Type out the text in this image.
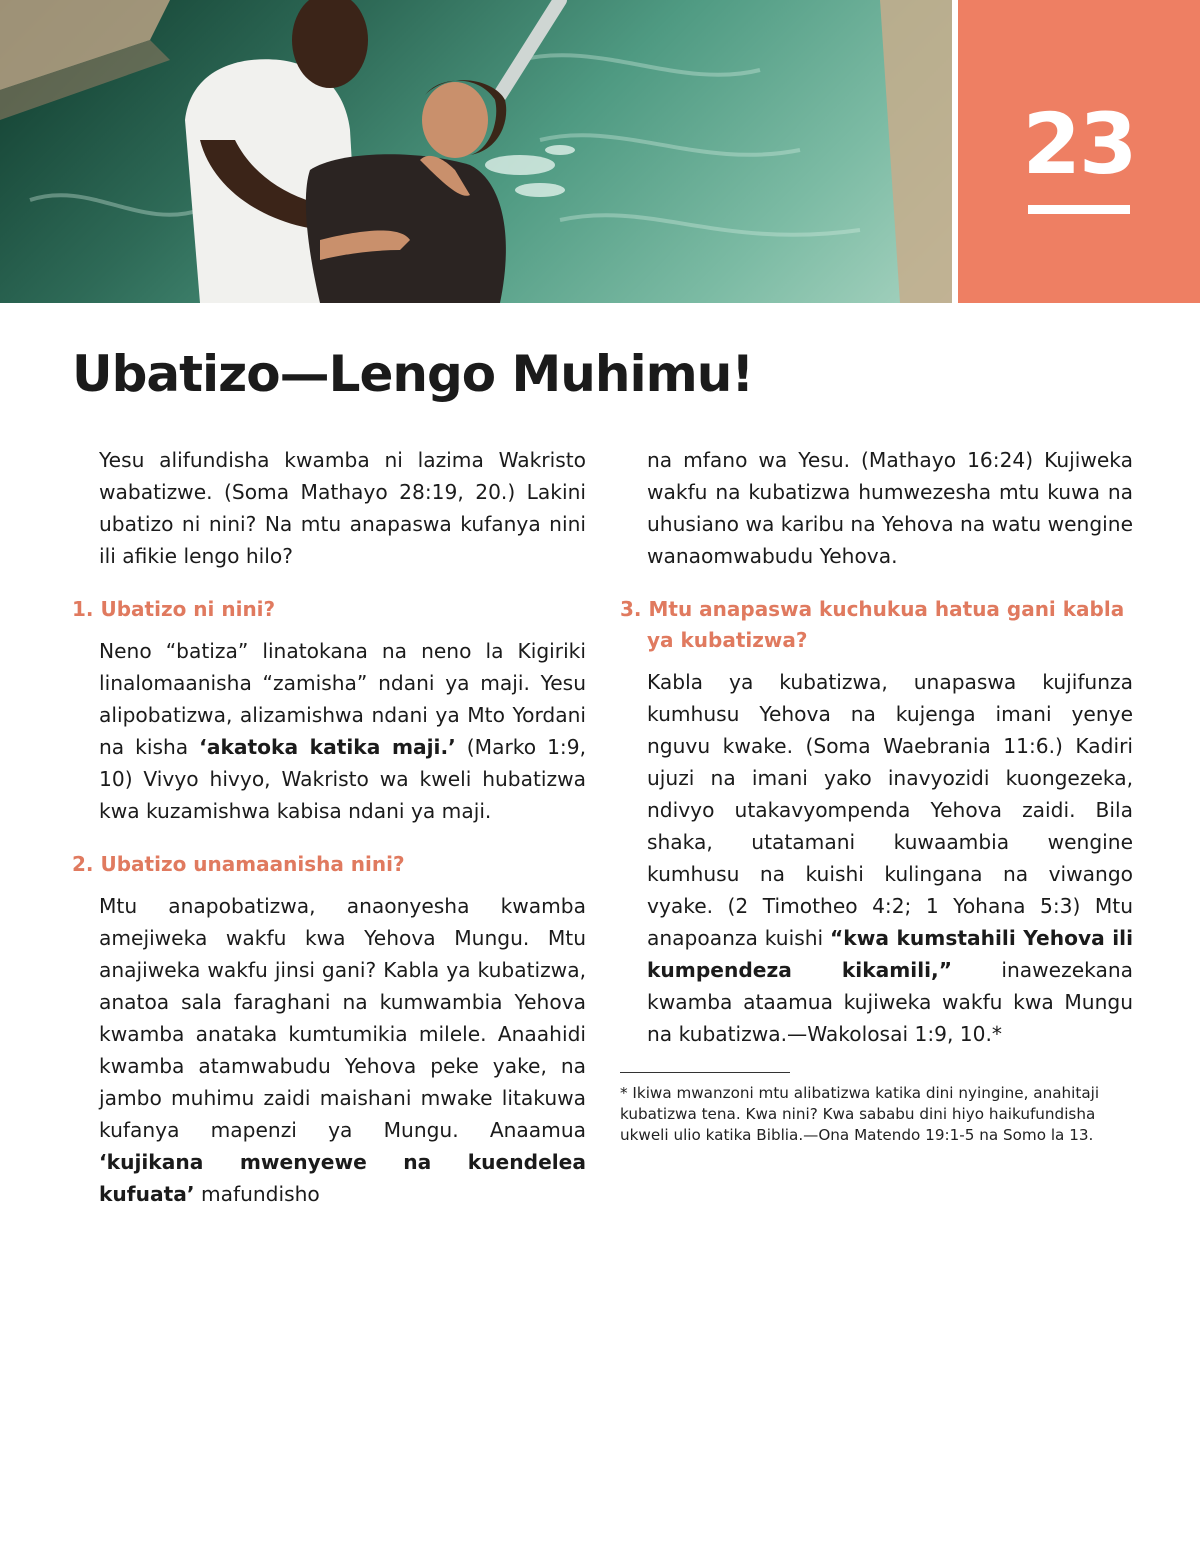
23
Ubatizo—Lengo Muhimu!

Yesu alifundisha kwamba ni lazima Wakristo wabatizwe. (Soma Mathayo 28:19, 20.) Lakini ubatizo ni nini? Na mtu anapaswa kufanya nini ili afikie lengo hilo?

1. Ubatizo ni nini?

Neno “batiza” linatokana na neno la Kigiriki linalomaanisha “zamisha” ndani ya maji. Yesu alipobatizwa, alizamishwa ndani ya Mto Yordani na kisha ‘akatoka katika maji.’ (Marko 1:9, 10) Vivyo hivyo, Wakristo wa kweli hubatizwa kwa kuzamishwa kabisa ndani ya maji.

2. Ubatizo unamaanisha nini?

Mtu anapobatizwa, anaonyesha kwamba amejiweka wakfu kwa Yehova Mungu. Mtu anajiweka wakfu jinsi gani? Kabla ya kubatizwa, anatoa sala faraghani na kumwambia Yehova kwamba anataka kumtumikia milele. Anaahidi kwamba atamwabudu Yehova peke yake, na jambo muhimu zaidi maishani mwake litakuwa kufanya mapenzi ya Mungu. Anaamua ‘kujikana mwenyewe na kuendelea kufuata’ mafundisho

na mfano wa Yesu. (Mathayo 16:24) Kujiweka wakfu na kubatizwa humwezesha mtu kuwa na uhusiano wa karibu na Yehova na watu wengine wanaomwabudu Yehova.

3. Mtu anapaswa kuchukua hatua gani kabla ya kubatizwa?

Kabla ya kubatizwa, unapaswa kujifunza kumhusu Yehova na kujenga imani yenye nguvu kwake. (Soma Waebrania 11:6.) Kadiri ujuzi na imani yako inavyozidi kuongezeka, ndivyo utakavyompenda Yehova zaidi. Bila shaka, utatamani kuwaambia wengine kumhusu na kuishi kulingana na viwango vyake. (2 Timotheo 4:2; 1 Yohana 5:3) Mtu anapoanza kuishi “kwa kumstahili Yehova ili kumpendeza kikamili,” inawezekana kwamba ataamua kujiweka wakfu kwa Mungu na kubatizwa.—Wakolosai 1:9, 10.*

* Ikiwa mwanzoni mtu alibatizwa katika dini nyingine, anahitaji kubatizwa tena. Kwa nini? Kwa sababu dini hiyo haikufundisha ukweli ulio katika Biblia.—Ona Matendo 19:1-5 na Somo la 13.
